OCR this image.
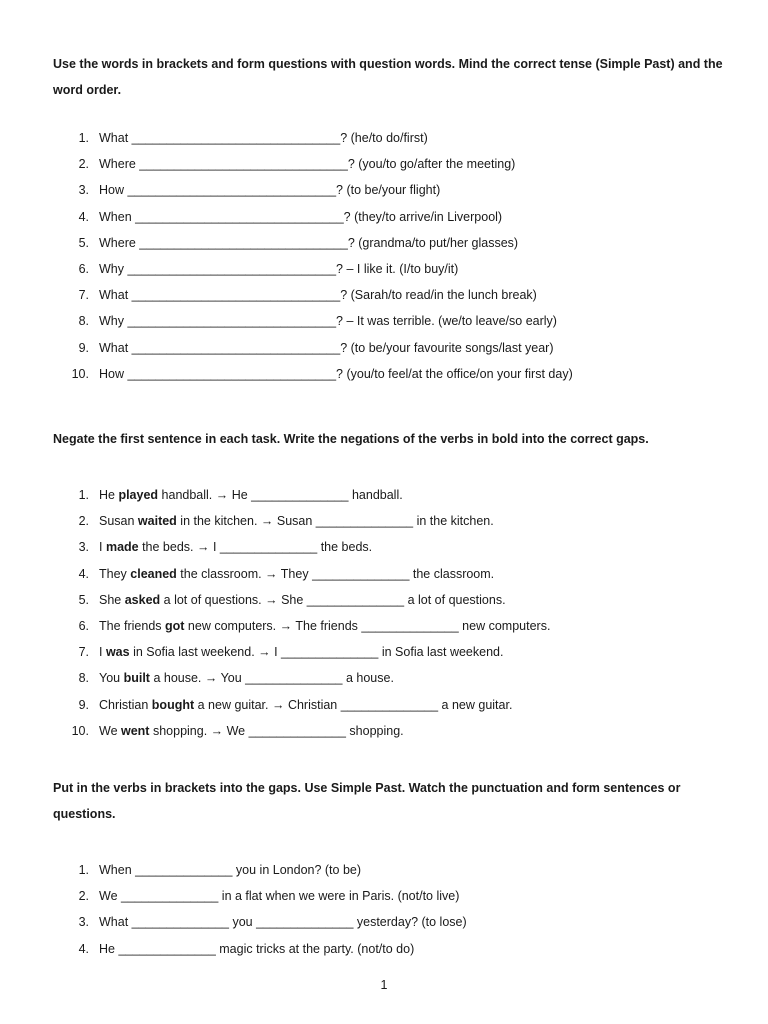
Use the words in brackets and form questions with question words. Mind the correct tense (Simple Past) and the word order.

1. What ______________________________? (he/to do/first)
2. Where ______________________________? (you/to go/after the meeting)
3. How ______________________________? (to be/your flight)
4. When ______________________________? (they/to arrive/in Liverpool)
5. Where ______________________________? (grandma/to put/her glasses)
6. Why ______________________________? – I like it. (I/to buy/it)
7. What ______________________________? (Sarah/to read/in the lunch break)
8. Why ______________________________? – It was terrible. (we/to leave/so early)
9. What ______________________________? (to be/your favourite songs/last year)
10. How ______________________________? (you/to feel/at the office/on your first day)

Negate the first sentence in each task. Write the negations of the verbs in bold into the correct gaps.

1. He played handball. → He ______________ handball.
2. Susan waited in the kitchen. → Susan ______________ in the kitchen.
3. I made the beds. → I ______________ the beds.
4. They cleaned the classroom. → They ______________ the classroom.
5. She asked a lot of questions. → She ______________ a lot of questions.
6. The friends got new computers. → The friends ______________ new computers.
7. I was in Sofia last weekend. → I ______________ in Sofia last weekend.
8. You built a house. → You ______________ a house.
9. Christian bought a new guitar. → Christian ______________ a new guitar.
10. We went shopping. → We ______________ shopping.

Put in the verbs in brackets into the gaps. Use Simple Past. Watch the punctuation and form sentences or questions.

1. When ______________ you in London? (to be)
2. We ______________ in a flat when we were in Paris. (not/to live)
3. What ______________ you ______________ yesterday? (to lose)
4. He ______________ magic tricks at the party. (not/to do)
1
